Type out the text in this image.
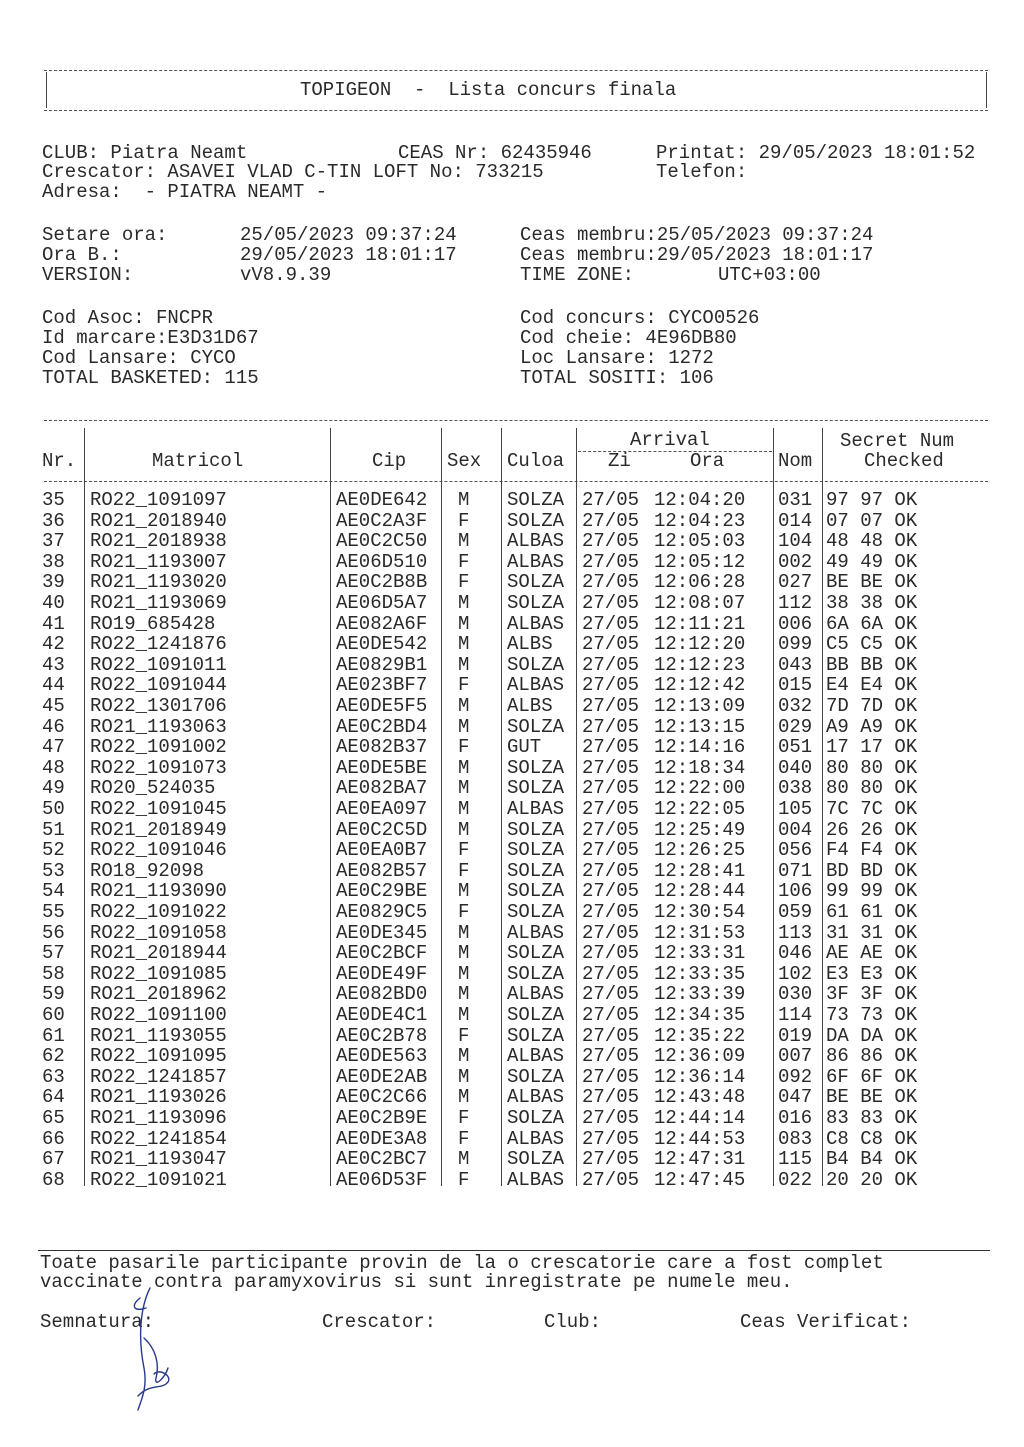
TOPIGEON  -  Lista concurs finala
CLUB: Piatra Neamt	CEAS Nr: 62435946	Printat: 29/05/2023 18:01:52
Crescator: ASAVEI VLAD C-TIN LOFT No: 733215	Telefon:
Adresa:  - PIATRA NEAMT -
Setare ora:	25/05/2023 09:37:24
Ora B.:	29/05/2023 18:01:17
VERSION:	vV8.9.39
Ceas membru:25/05/2023 09:37:24
Ceas membru:29/05/2023 18:01:17
TIME ZONE:	UTC+03:00
Cod Asoc: FNCPR
Id marcare:E3D31D67
Cod Lansare: CYCO
TOTAL BASKETED: 115
Cod concurs: CYCO0526
Cod cheie: 4E96DB80
Loc Lansare: 1272
TOTAL SOSITI: 106
Nr.	Matricol	Cip Sex Culoa
Arrival
Zi	Ora	Nom
Secret Num
Checked
35 RO22_1091097	AE0DE642 M SOLZA 27/05 12:04:20 031 97 97 OK
36 RO21_2018940	AE0C2A3F F SOLZA 27/05 12:04:23 014 07 07 OK
37 RO21_2018938	AE0C2C50 M ALBAS 27/05 12:05:03 104 48 48 OK
38 RO21_1193007	AE06D510 F ALBAS 27/05 12:05:12 002 49 49 OK
39 RO21_1193020	AE0C2B8B F SOLZA 27/05 12:06:28 027 BE BE OK
40 RO21_1193069	AE06D5A7 M SOLZA 27/05 12:08:07 112 38 38 OK
41 RO19_685428	AE082A6F M ALBAS 27/05 12:11:21 006 6A 6A OK
42 RO22_1241876	AE0DE542 M ALBS 27/05 12:12:20 099 C5 C5 OK
43 RO22_1091011	AE0829B1 M SOLZA 27/05 12:12:23 043 BB BB OK
44 RO22_1091044	AE023BF7 F ALBAS 27/05 12:12:42 015 E4 E4 OK
45 RO22_1301706	AE0DE5F5 M ALBS 27/05 12:13:09 032 7D 7D OK
46 RO21_1193063	AE0C2BD4 M SOLZA 27/05 12:13:15 029 A9 A9 OK
47 RO22_1091002	AE082B37 F GUT 27/05 12:14:16 051 17 17 OK
48 RO22_1091073	AE0DE5BE M SOLZA 27/05 12:18:34 040 80 80 OK
49 RO20_524035	AE082BA7 M SOLZA 27/05 12:22:00 038 80 80 OK
50 RO22_1091045	AE0EA097 M ALBAS 27/05 12:22:05 105 7C 7C OK
51 RO21_2018949	AE0C2C5D M SOLZA 27/05 12:25:49 004 26 26 OK
52 RO22_1091046	AE0EA0B7 F SOLZA 27/05 12:26:25 056 F4 F4 OK
53 RO18_92098	AE082B57 F SOLZA 27/05 12:28:41 071 BD BD OK
54 RO21_1193090	AE0C29BE M SOLZA 27/05 12:28:44 106 99 99 OK
55 RO22_1091022	AE0829C5 F SOLZA 27/05 12:30:54 059 61 61 OK
56 RO22_1091058	AE0DE345 M ALBAS 27/05 12:31:53 113 31 31 OK
57 RO21_2018944	AE0C2BCF M SOLZA 27/05 12:33:31 046 AE AE OK
58 RO22_1091085	AE0DE49F M SOLZA 27/05 12:33:35 102 E3 E3 OK
59 RO21_2018962	AE082BD0 M ALBAS 27/05 12:33:39 030 3F 3F OK
60 RO22_1091100	AE0DE4C1 M SOLZA 27/05 12:34:35 114 73 73 OK
61 RO21_1193055	AE0C2B78 F SOLZA 27/05 12:35:22 019 DA DA OK
62 RO22_1091095	AE0DE563 M ALBAS 27/05 12:36:09 007 86 86 OK
63 RO22_1241857	AE0DE2AB M SOLZA 27/05 12:36:14 092 6F 6F OK
64 RO21_1193026	AE0C2C66 M ALBAS 27/05 12:43:48 047 BE BE OK
65 RO21_1193096	AE0C2B9E F SOLZA 27/05 12:44:14 016 83 83 OK
66 RO22_1241854	AE0DE3A8 F ALBAS 27/05 12:44:53 083 C8 C8 OK
67 RO21_1193047	AE0C2BC7 M SOLZA 27/05 12:47:31 115 B4 B4 OK
68 RO22_1091021	AE06D53F F ALBAS 27/05 12:47:45 022 20 20 OK
Toate pasarile participante provin de la o crescatorie care a fost complet
vaccinate contra paramyxovirus si sunt inregistrate pe numele meu.
Semnatura:	Crescator:	Club:	Ceas Verificat:
